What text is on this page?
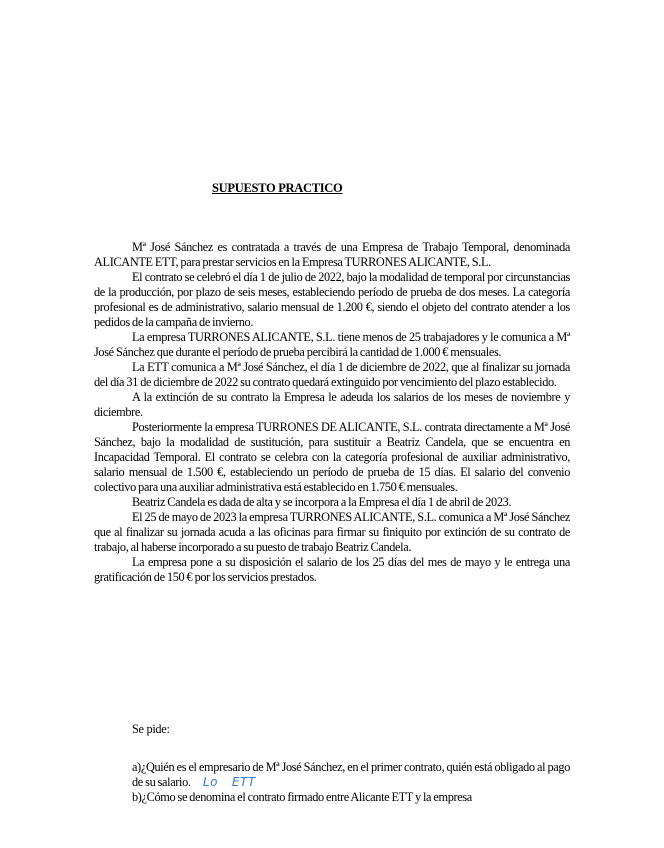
SUPUESTO PRACTICO

Mª José Sánchez es contratada a través de una Empresa de Trabajo Temporal, denominada ALICANTE ETT, para prestar servicios en la Empresa TURRONES ALICANTE, S.L.

El contrato se celebró el día 1 de julio de 2022, bajo la modalidad de temporal por circunstancias de la producción, por plazo de seis meses, estableciendo período de prueba de dos meses. La categoría profesional es de administrativo, salario mensual de 1.200 €, siendo el objeto del contrato atender a los pedidos de la campaña de invierno.

La empresa TURRONES ALICANTE, S.L. tiene menos de 25 trabajadores y le comunica a Mª José Sánchez que durante el período de prueba percibirá la cantidad de 1.000 € mensuales.

La ETT comunica a Mª José Sánchez, el día 1 de diciembre de 2022, que al finalizar su jornada del día 31 de diciembre de 2022 su contrato quedará extinguido por vencimiento del plazo establecido.

A la extinción de su contrato la Empresa le adeuda los salarios de los meses de noviembre y diciembre.

Posteriormente la empresa TURRONES DE ALICANTE, S.L. contrata directamente a Mª José Sánchez, bajo la modalidad de sustitución, para sustituir a Beatriz Candela, que se encuentra en Incapacidad Temporal. El contrato se celebra con la categoría profesional de auxiliar administrativo, salario mensual de 1.500 €, estableciendo un período de prueba de 15 días. El salario del convenio colectivo para una auxiliar administrativa está establecido en 1.750 € mensuales.

Beatriz Candela es dada de alta y se incorpora a la Empresa el día 1 de abril de 2023.

El 25 de mayo de 2023 la empresa TURRONES ALICANTE, S.L. comunica a Mª José Sánchez que al finalizar su jornada acuda a las oficinas para firmar su finiquito por extinción de su contrato de trabajo, al haberse incorporado a su puesto de trabajo Beatriz Candela.

La empresa pone a su disposición el salario de los 25 días del mes de mayo y le entrega una gratificación de 150 € por los servicios prestados.

Se pide:

a)¿Quién es el empresario de Mª José Sánchez, en el primer contrato, quién está obligado al pago de su salario. Lo ETT

b)¿Cómo se denomina el contrato firmado entre Alicante ETT y la empresa
